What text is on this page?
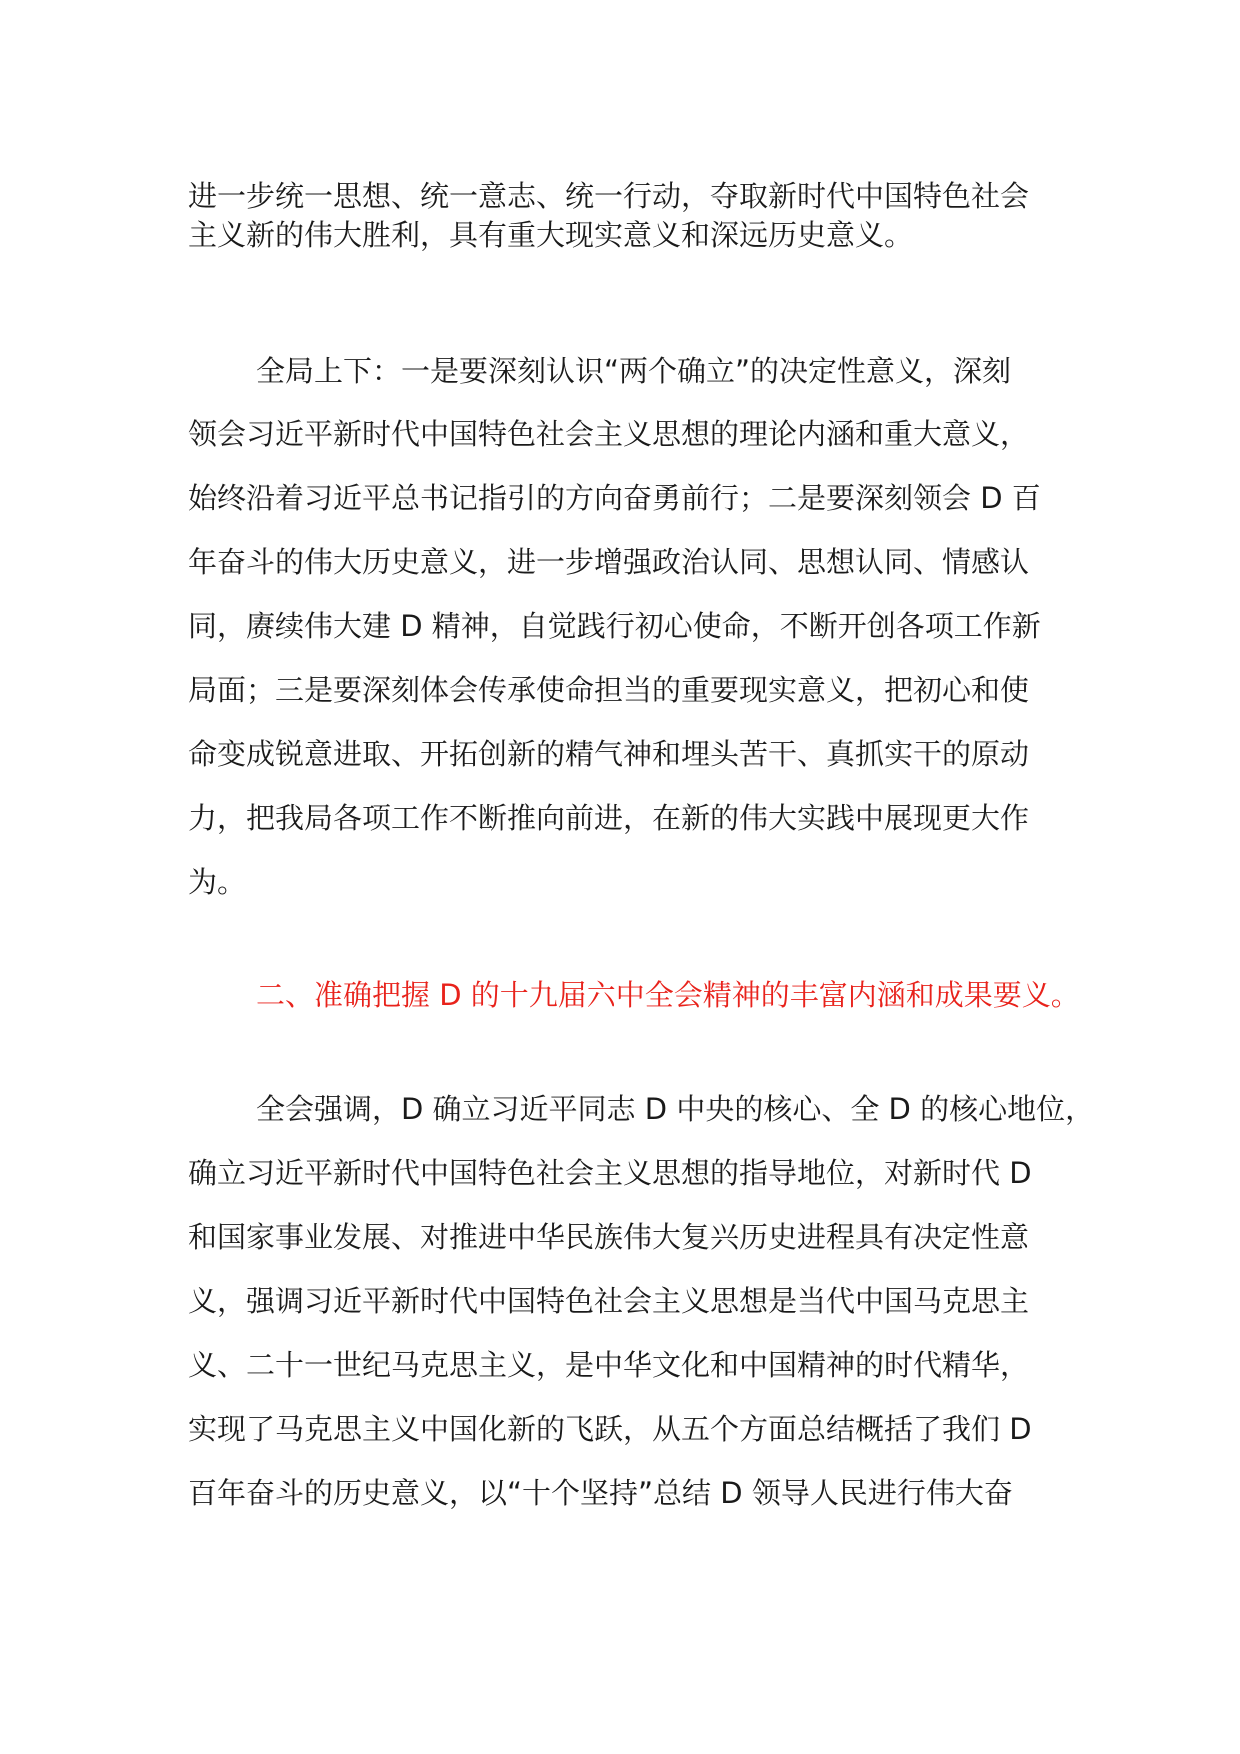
进一步统一思想、统一意志、统一行动，夺取新时代中国特色社会
主义新的伟大胜利，具有重大现实意义和深远历史意义。
全局上下：一是要深刻认识“两个确立”的决定性意义，深刻
领会习近平新时代中国特色社会主义思想的理论内涵和重大意义，
始终沿着习近平总书记指引的方向奋勇前行；二是要深刻领会 D 百
年奋斗的伟大历史意义，进一步增强政治认同、思想认同、情感认
同，赓续伟大建 D 精神，自觉践行初心使命，不断开创各项工作新
局面；三是要深刻体会传承使命担当的重要现实意义，把初心和使
命变成锐意进取、开拓创新的精气神和埋头苦干、真抓实干的原动
力，把我局各项工作不断推向前进，在新的伟大实践中展现更大作
为。
二、准确把握 D 的十九届六中全会精神的丰富内涵和成果要义。
全会强调，D 确立习近平同志 D 中央的核心、全 D 的核心地位，
确立习近平新时代中国特色社会主义思想的指导地位，对新时代 D
和国家事业发展、对推进中华民族伟大复兴历史进程具有决定性意
义，强调习近平新时代中国特色社会主义思想是当代中国马克思主
义、二十一世纪马克思主义，是中华文化和中国精神的时代精华，
实现了马克思主义中国化新的飞跃，从五个方面总结概括了我们 D
百年奋斗的历史意义，以“十个坚持”总结 D 领导人民进行伟大奋
